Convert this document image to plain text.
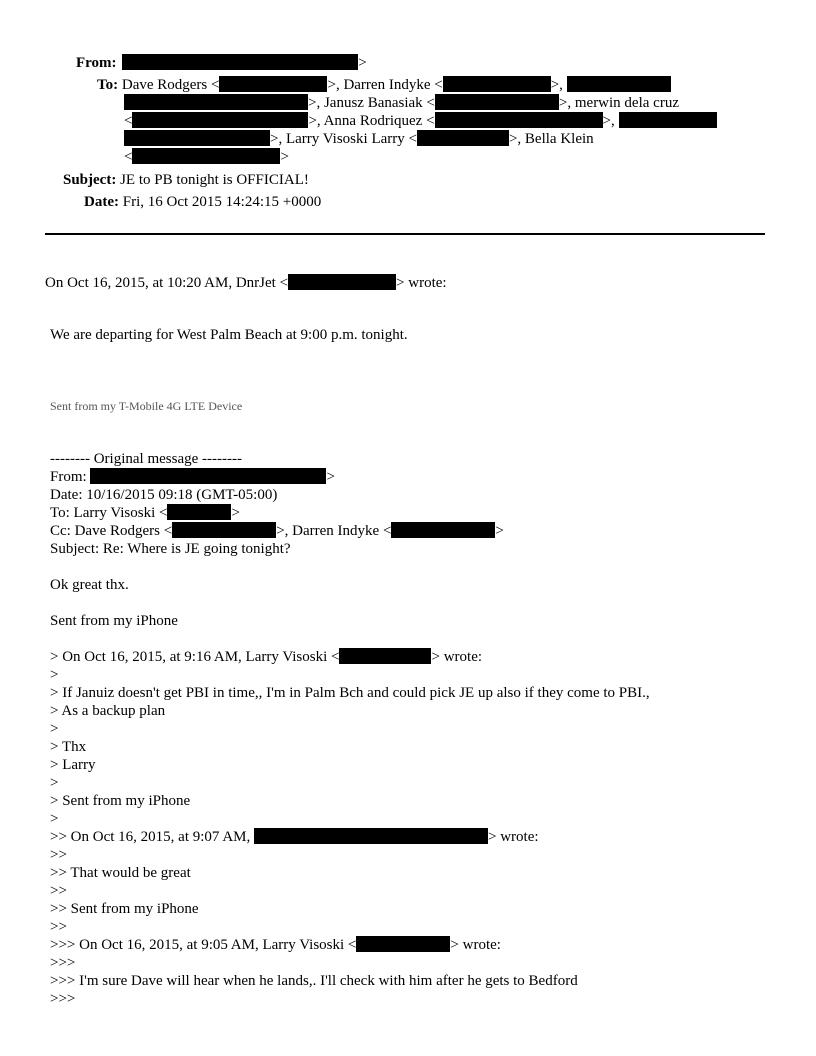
From:	>
To: Dave Rodgers <	>, Darren Indyke <	>,
>, Janusz Banasiak <	>, merwin dela cruz
<	>, Anna Rodriquez <	>,
>, Larry Visoski Larry <	>, Bella Klein
<	>
Subject: JE to PB tonight is OFFICIAL!
Date: Fri, 16 Oct 2015 14:24:15 +0000
On Oct 16, 2015, at 10:20 AM, DnrJet <	> wrote:
We are departing for West Palm Beach at 9:00 p.m. tonight.
Sent from my T-Mobile 4G LTE Device
-------- Original message --------
From:	>
Date: 10/16/2015 09:18 (GMT-05:00)
To: Larry Visoski <	>
Cc: Dave Rodgers <	>, Darren Indyke <	>
Subject: Re: Where is JE going tonight?
Ok great thx.
Sent from my iPhone
> On Oct 16, 2015, at 9:16 AM, Larry Visoski <	> wrote:
>
> If Januiz doesn't get PBI in time,, I'm in Palm Bch and could pick JE up also if they come to PBI.,
> As a backup plan
>
> Thx
> Larry
>
> Sent from my iPhone
>
>> On Oct 16, 2015, at 9:07 AM,	> wrote:
>>
>> That would be great
>>
>> Sent from my iPhone
>>
>>> On Oct 16, 2015, at 9:05 AM, Larry Visoski <	> wrote:
>>>
>>> I'm sure Dave will hear when he lands,. I'll check with him after he gets to Bedford
>>>
